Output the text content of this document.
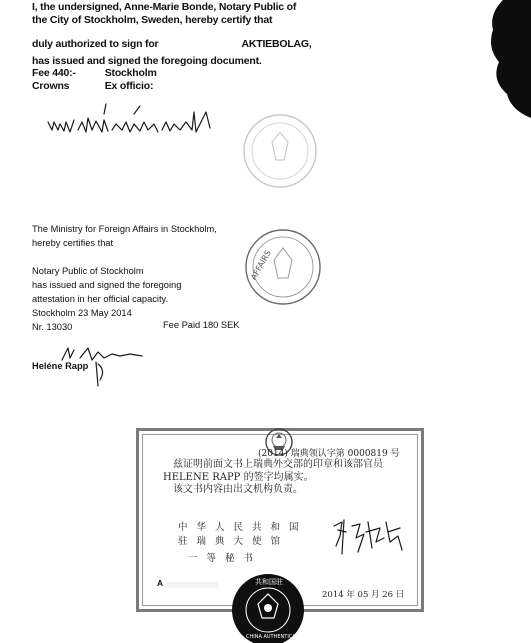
I, the undersigned, Anne-Marie Bonde, Notary Public of
the City of Stockholm, Sweden, hereby certify that
duly authorized to sign for	AKTIEBOLAG,
has issued and signed the foregoing document.
Fee 440:-	Stockholm
Crowns	Ex officio:
The Ministry for Foreign Affairs in Stockholm,
hereby certifies that
Notary Public of Stockholm
has issued and signed the foregoing
attestation in her official capacity.
Stockholm 23 May 2014
Nr. 13030	Fee Paid 180 SEK
AFFAIRS
Heléne Rapp
(2014) 瑞典领认字第 0000819 号
兹证明前面文书上瑞典外交部的印章和该部官员
HELENE RAPP 的签字均属实。
该文书内容由出文机构负责。
中华人民共和国
驻瑞典大使馆
一等秘书
A
2014 年 05 月 26 日
共和国驻
CHINA AUTHENTICATION
